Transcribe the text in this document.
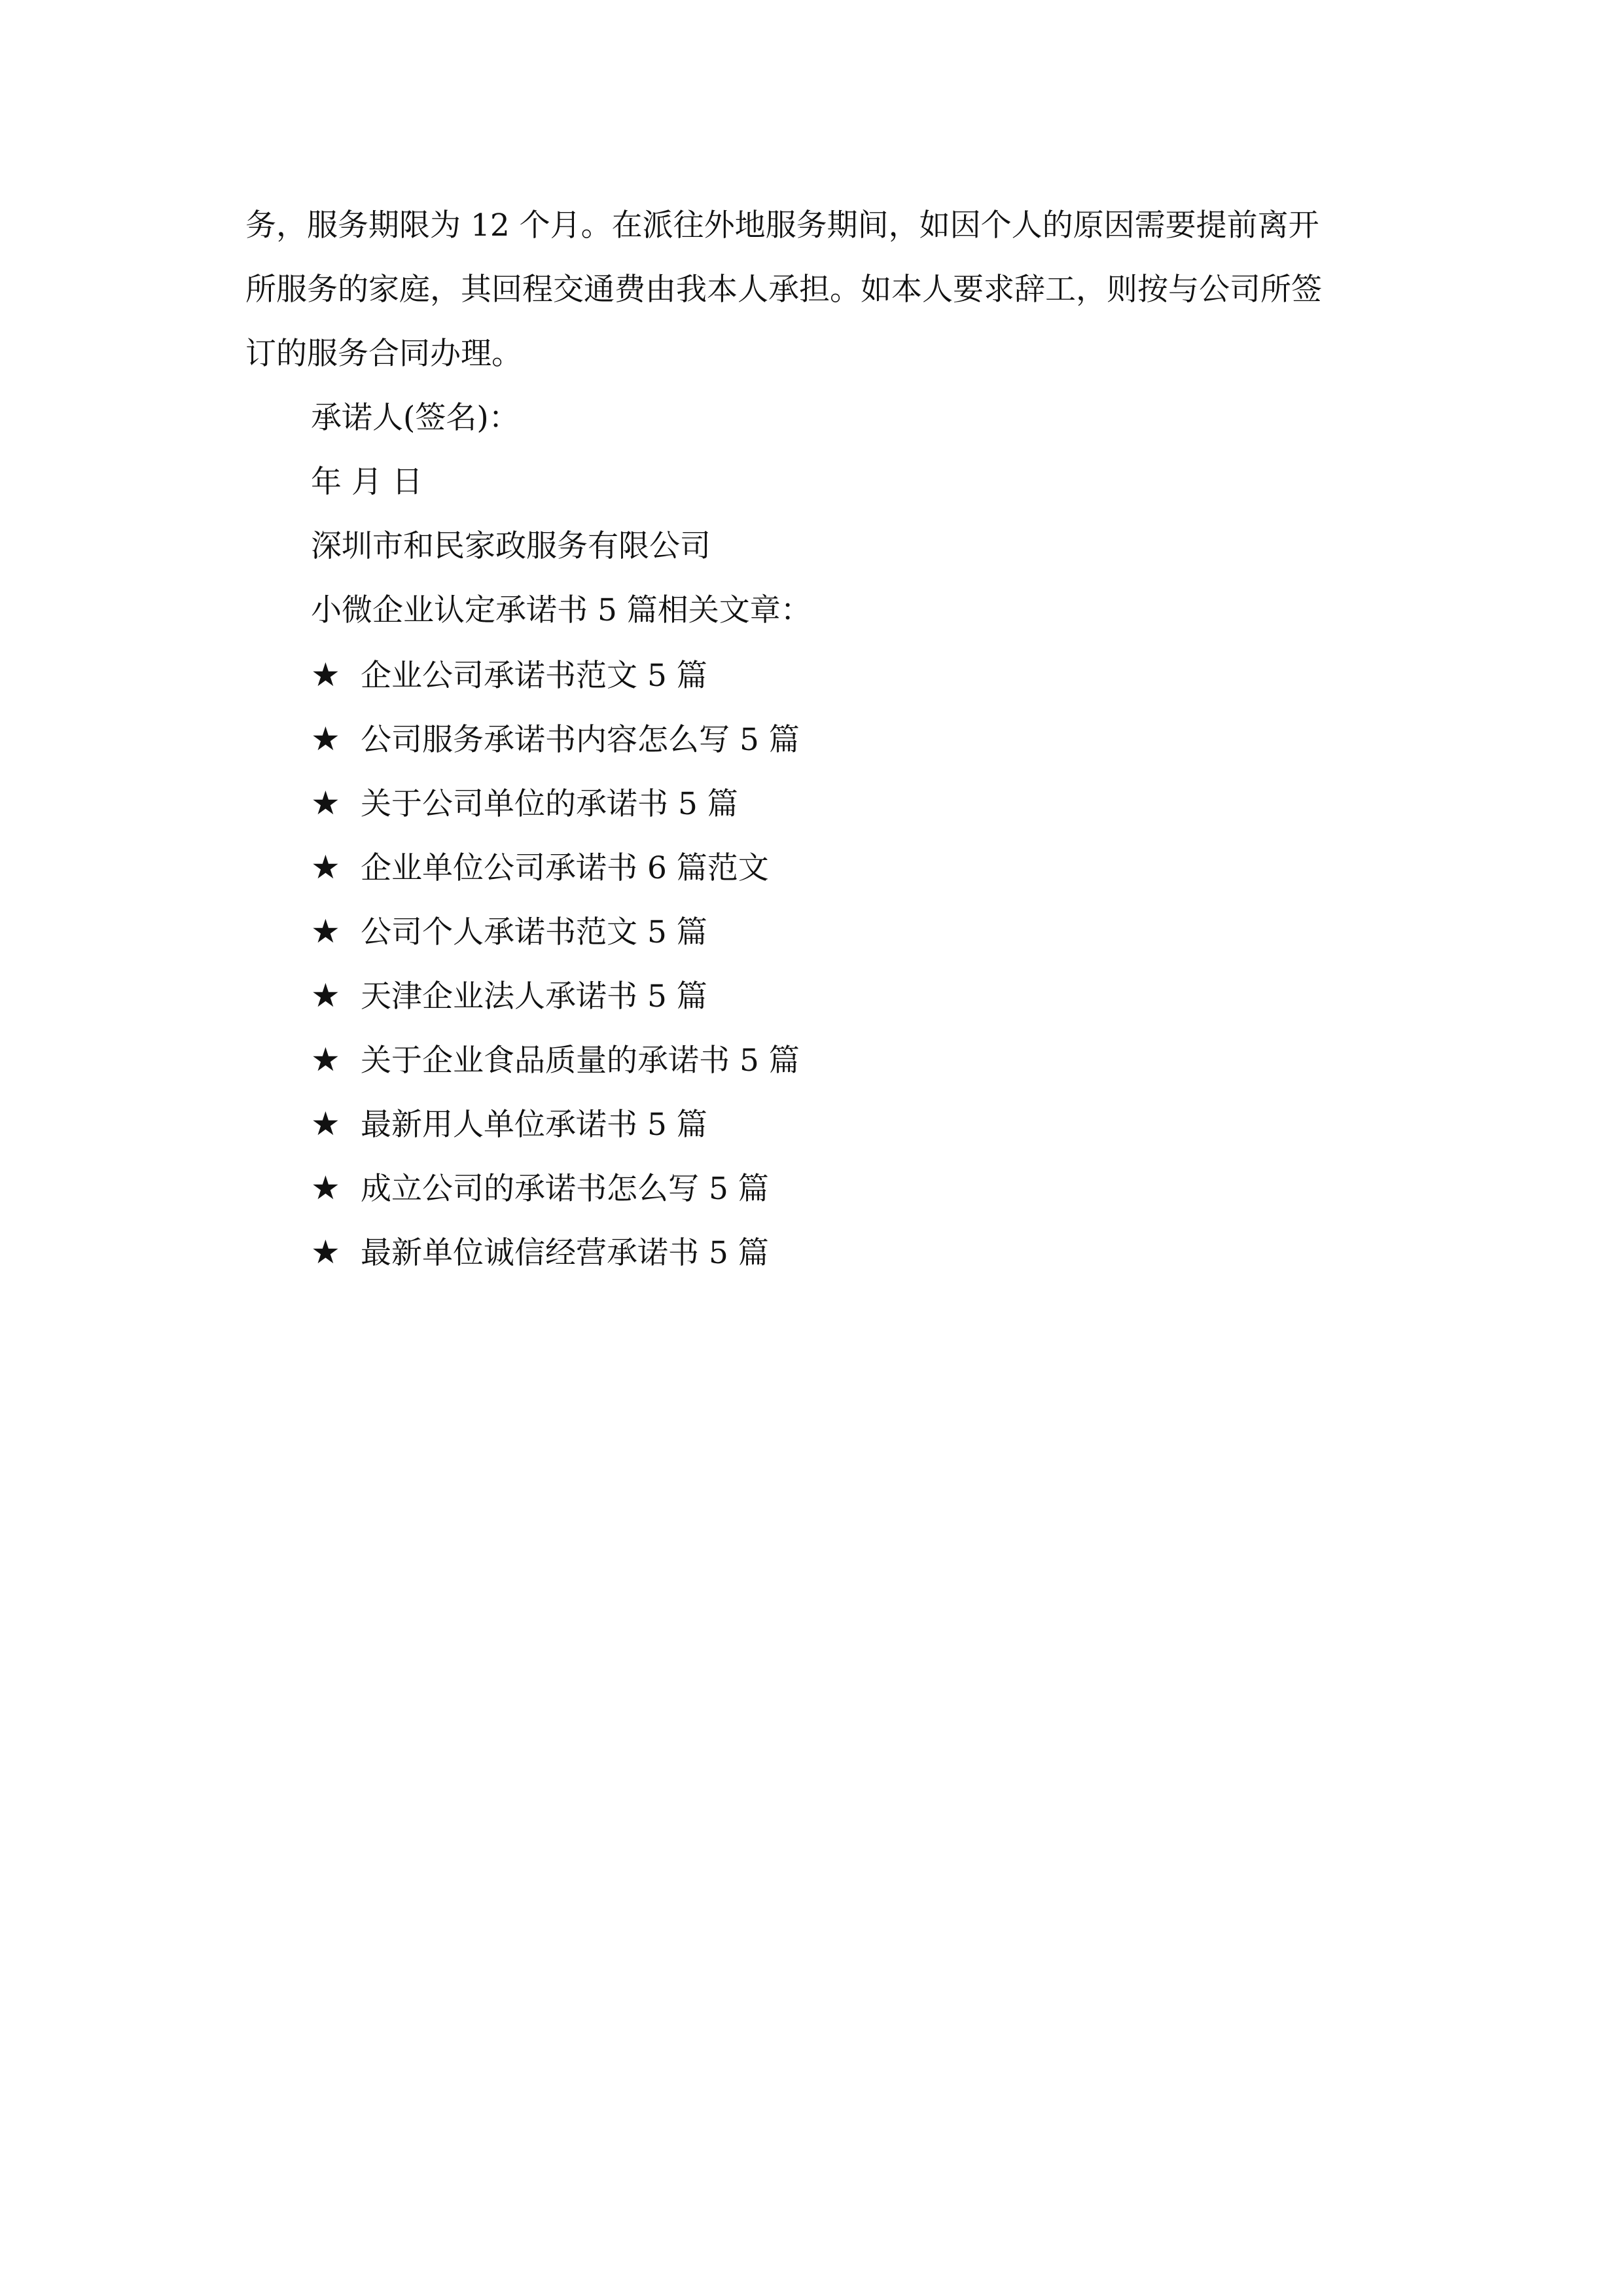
务，服务期限为 12 个月。在派往外地服务期间，如因个人的原因需要提前离开
所服务的家庭，其回程交通费由我本人承担。如本人要求辞工，则按与公司所签
订的服务合同办理。
承诺人(签名)：
年 月 日
深圳市和民家政服务有限公司
小微企业认定承诺书 5 篇相关文章：
★ 企业公司承诺书范文 5 篇
★ 公司服务承诺书内容怎么写 5 篇
★ 关于公司单位的承诺书 5 篇
★ 企业单位公司承诺书 6 篇范文
★ 公司个人承诺书范文 5 篇
★ 天津企业法人承诺书 5 篇
★ 关于企业食品质量的承诺书 5 篇
★ 最新用人单位承诺书 5 篇
★ 成立公司的承诺书怎么写 5 篇
★ 最新单位诚信经营承诺书 5 篇
